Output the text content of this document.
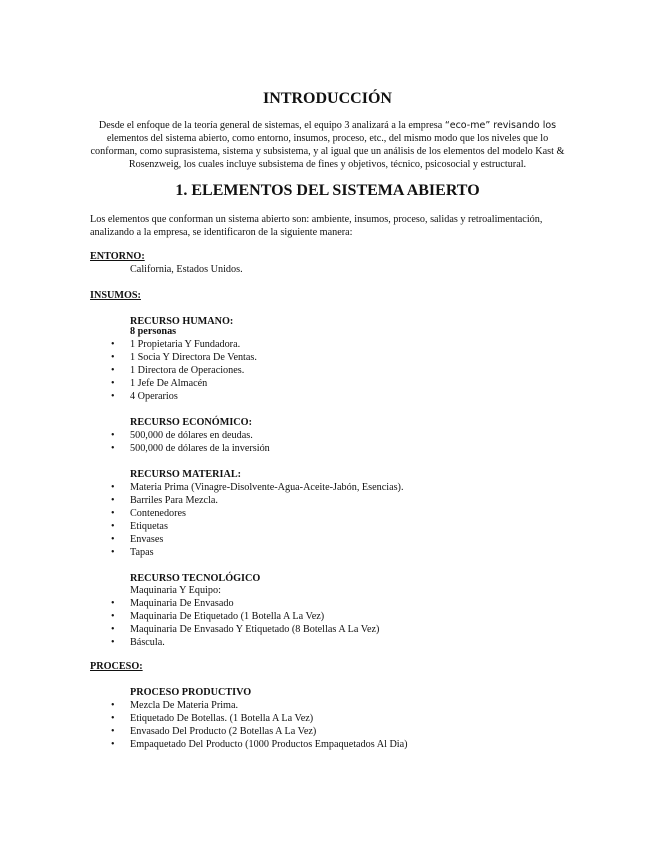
INTRODUCCIÓN
Desde el enfoque de la teoría general de sistemas, el equipo 3 analizará a la empresa “eco-me” revisando los elementos del sistema abierto, como entorno, insumos, proceso, etc., del mismo modo que los niveles que lo conforman, como suprasistema, sistema y subsistema, y al igual que un análisis de los elementos del modelo Kast & Rosenzweig, los cuales incluye subsistema de fines y objetivos, técnico, psicosocial y estructural.
1. ELEMENTOS DEL SISTEMA ABIERTO
Los elementos que conforman un sistema abierto son: ambiente, insumos, proceso, salidas y retroalimentación, analizando a la empresa, se identificaron de la siguiente manera:
ENTORNO:
California, Estados Unidos.
INSUMOS:
RECURSO HUMANO:
8 personas
• 1 Propietaria Y Fundadora.
• 1 Socia Y Directora De Ventas.
• 1 Directora de Operaciones.
• 1 Jefe De Almacén
• 4 Operarios
RECURSO ECONÓMICO:
• 500,000 de dólares en deudas.
• 500,000 de dólares de la inversión
RECURSO MATERIAL:
• Materia Prima (Vinagre-Disolvente-Agua-Aceite-Jabón, Esencias).
• Barriles Para Mezcla.
• Contenedores
• Etiquetas
• Envases
• Tapas
RECURSO TECNOLÓGICO
Maquinaria Y Equipo:
• Maquinaria De Envasado
• Maquinaria De Etiquetado (1 Botella A La Vez)
• Maquinaria De Envasado Y Etiquetado (8 Botellas A La Vez)
• Báscula.
PROCESO:
PROCESO PRODUCTIVO
• Mezcla De Materia Prima.
• Etiquetado De Botellas. (1 Botella A La Vez)
• Envasado Del Producto (2 Botellas A La Vez)
• Empaquetado Del Producto (1000 Productos Empaquetados Al Dia)
